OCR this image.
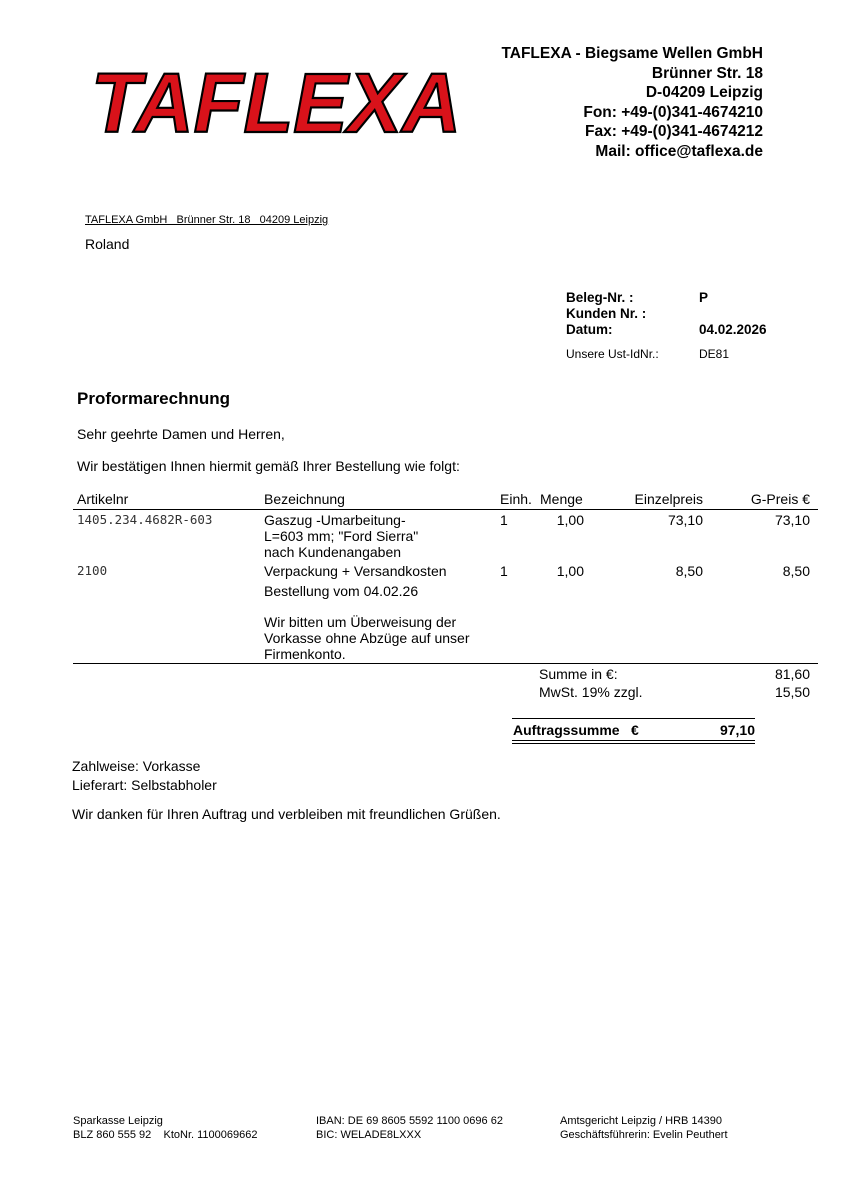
TAFLEXA
TAFLEXA - Biegsame Wellen GmbH
Brünner Str. 18
D-04209 Leipzig
Fon: +49-(0)341-4674210
Fax: +49-(0)341-4674212
Mail: office@taflexa.de
TAFLEXA GmbH   Brünner Str. 18   04209 Leipzig
Roland
Beleg-Nr. :	P
Kunden Nr. :
Datum:	04.02.2026
Unsere Ust-IdNr.:	DE81
Proformarechnung
Sehr geehrte Damen und Herren,
Wir bestätigen Ihnen hiermit gemäß Ihrer Bestellung wie folgt:
Artikelnr	Bezeichnung	Einh. Menge	Einzelpreis	G-Preis €
1405.234.4682R-603	Gaszug -Umarbeitung-
L=603 mm; "Ford Sierra"
nach Kundenangaben
1	1,00	73,10	73,10
2100	Verpackung + Versandkosten	1	1,00	8,50	8,50
Bestellung vom 04.02.26
Wir bitten um Überweisung der
Vorkasse ohne Abzüge auf unser
Firmenkonto.
Summe in €:	81,60
MwSt. 19% zzgl.	15,50
Auftragssumme €	97,10
Zahlweise: Vorkasse
Lieferart: Selbstabholer
Wir danken für Ihren Auftrag und verbleiben mit freundlichen Grüßen.
Sparkasse Leipzig
BLZ 860 555 92    KtoNr. 1100069662
IBAN: DE 69 8605 5592 1100 0696 62
BIC: WELADE8LXXX
Amtsgericht Leipzig / HRB 14390
Geschäftsführerin: Evelin Peuthert
